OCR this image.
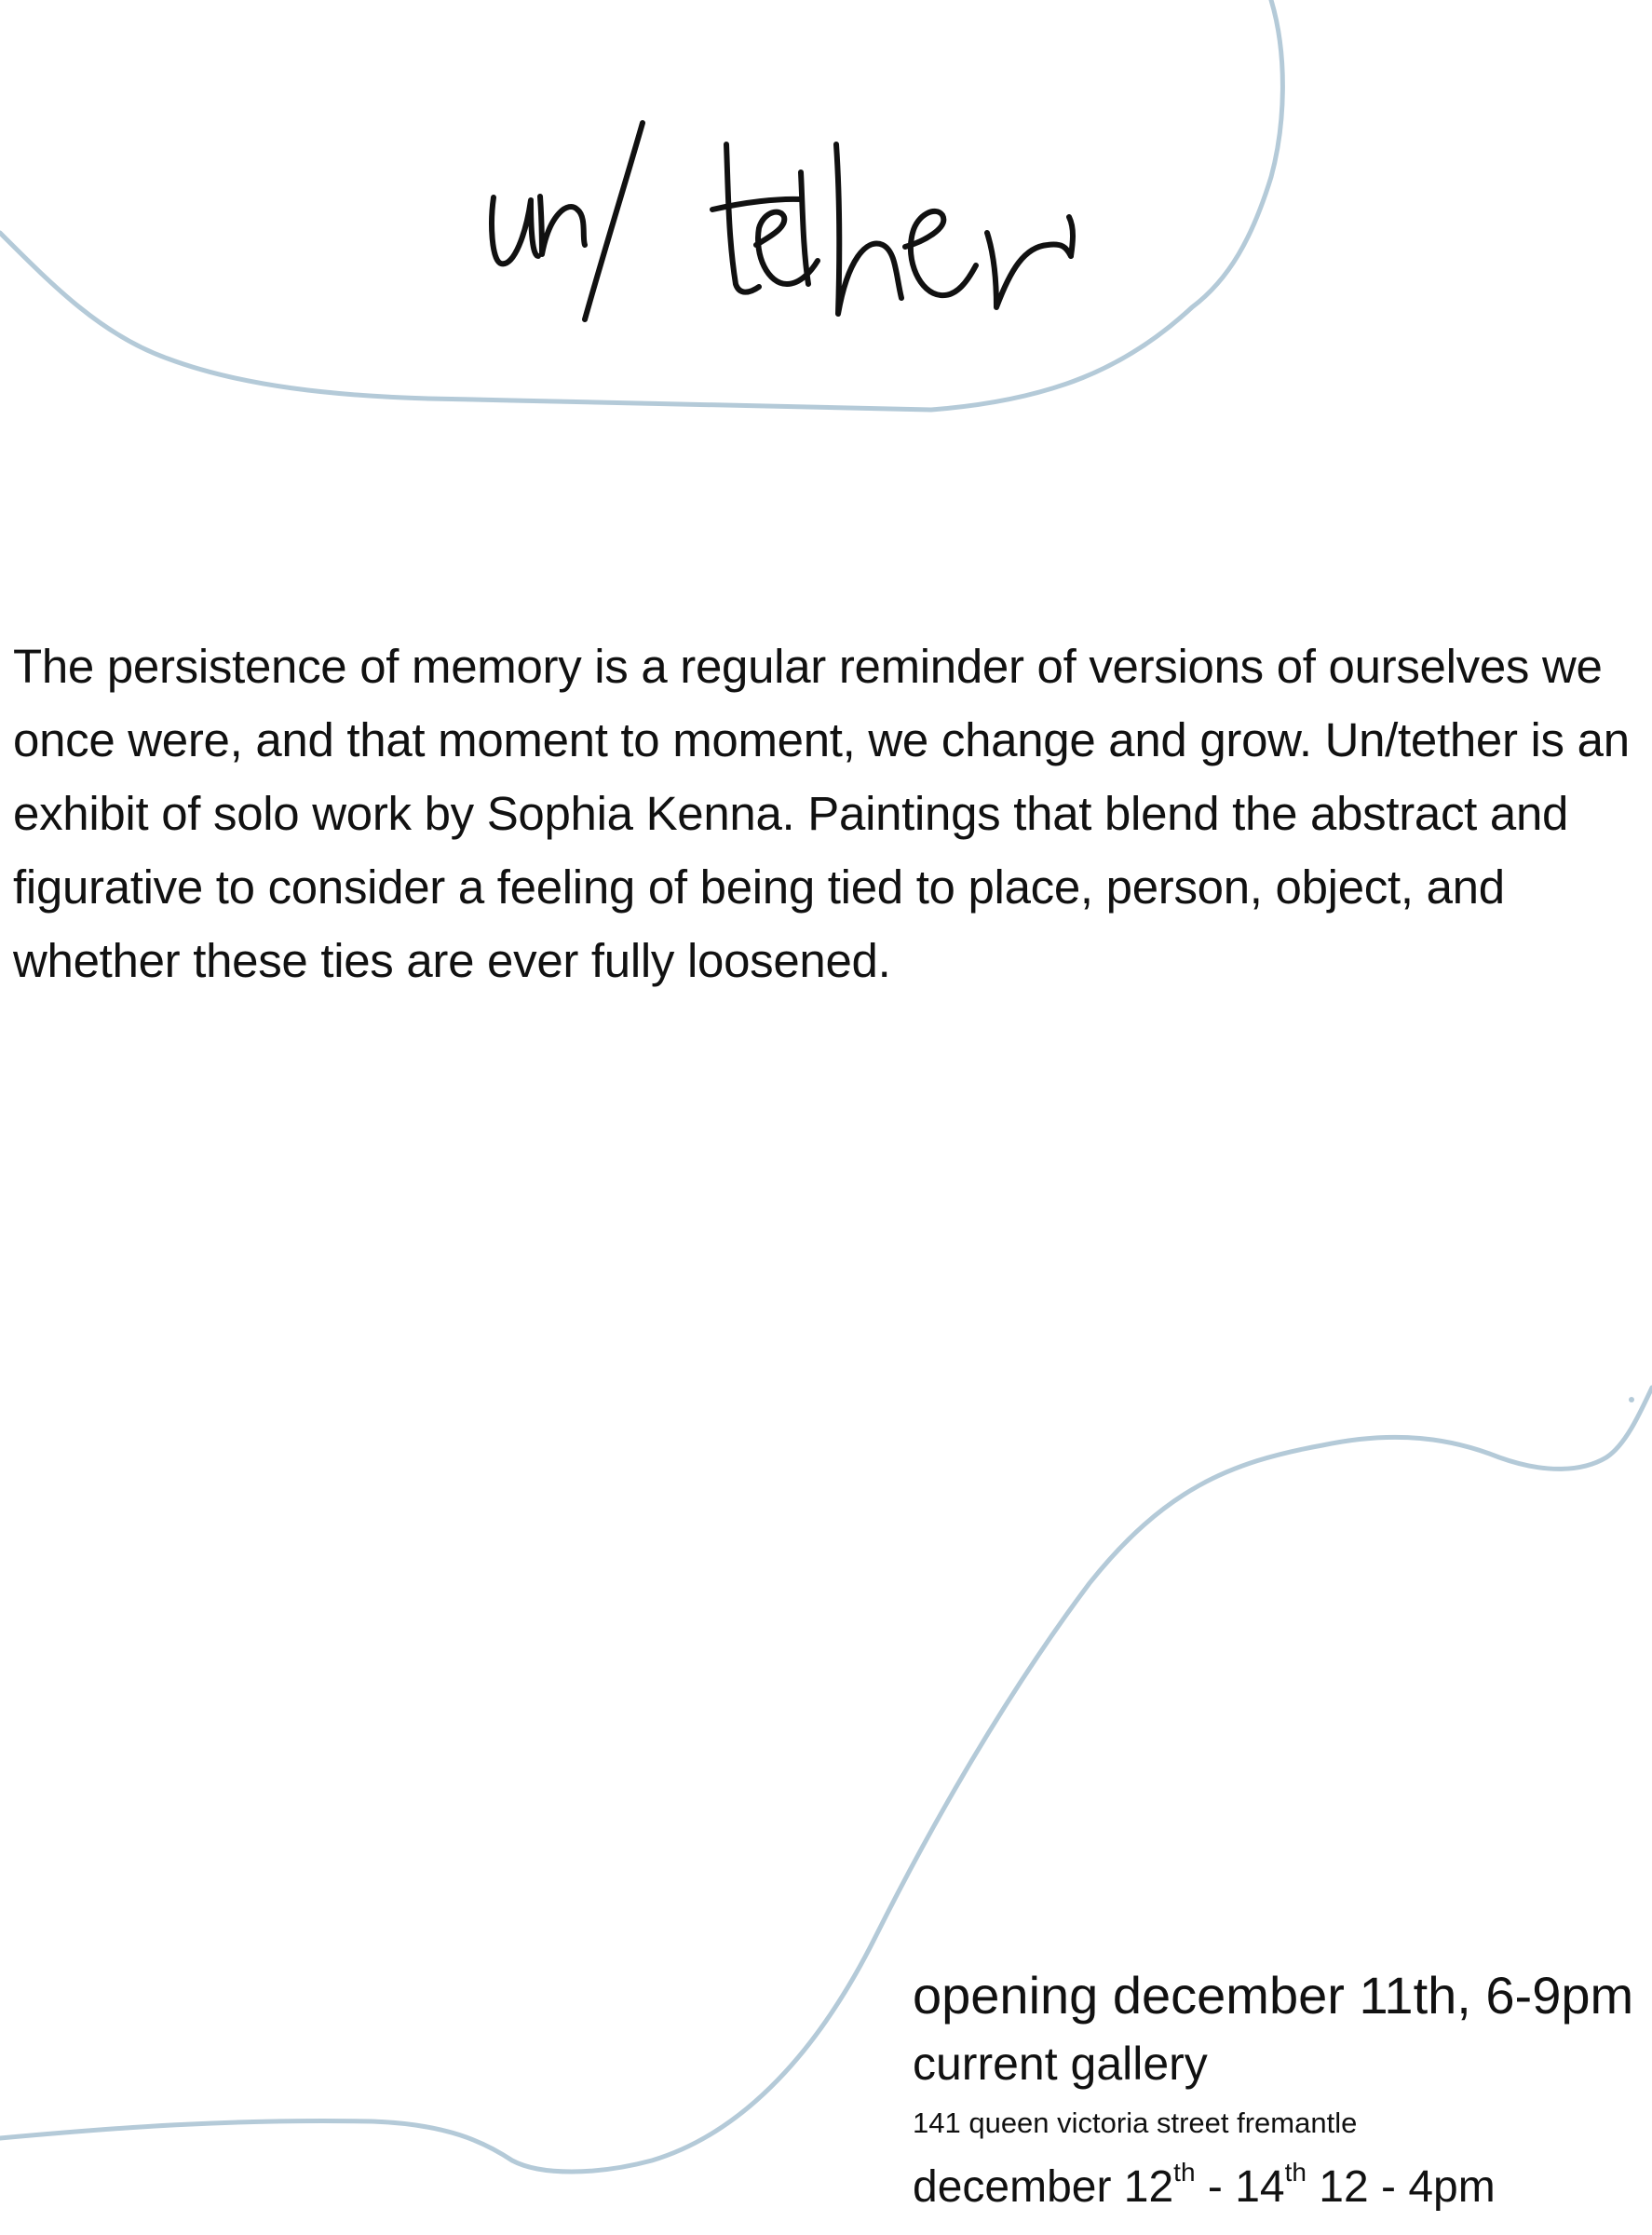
The persistence of memory is a regular reminder of versions of ourselves we once were, and that moment to moment, we change and grow. Un/tether is an exhibit of solo work by Sophia Kenna. Paintings that blend the abstract and figurative to consider a feeling of being tied to place, person, object, and whether these ties are ever fully loosened.

opening december 11th, 6-9pm
current gallery
141 queen victoria street fremantle
december 12th - 14th 12 - 4pm
